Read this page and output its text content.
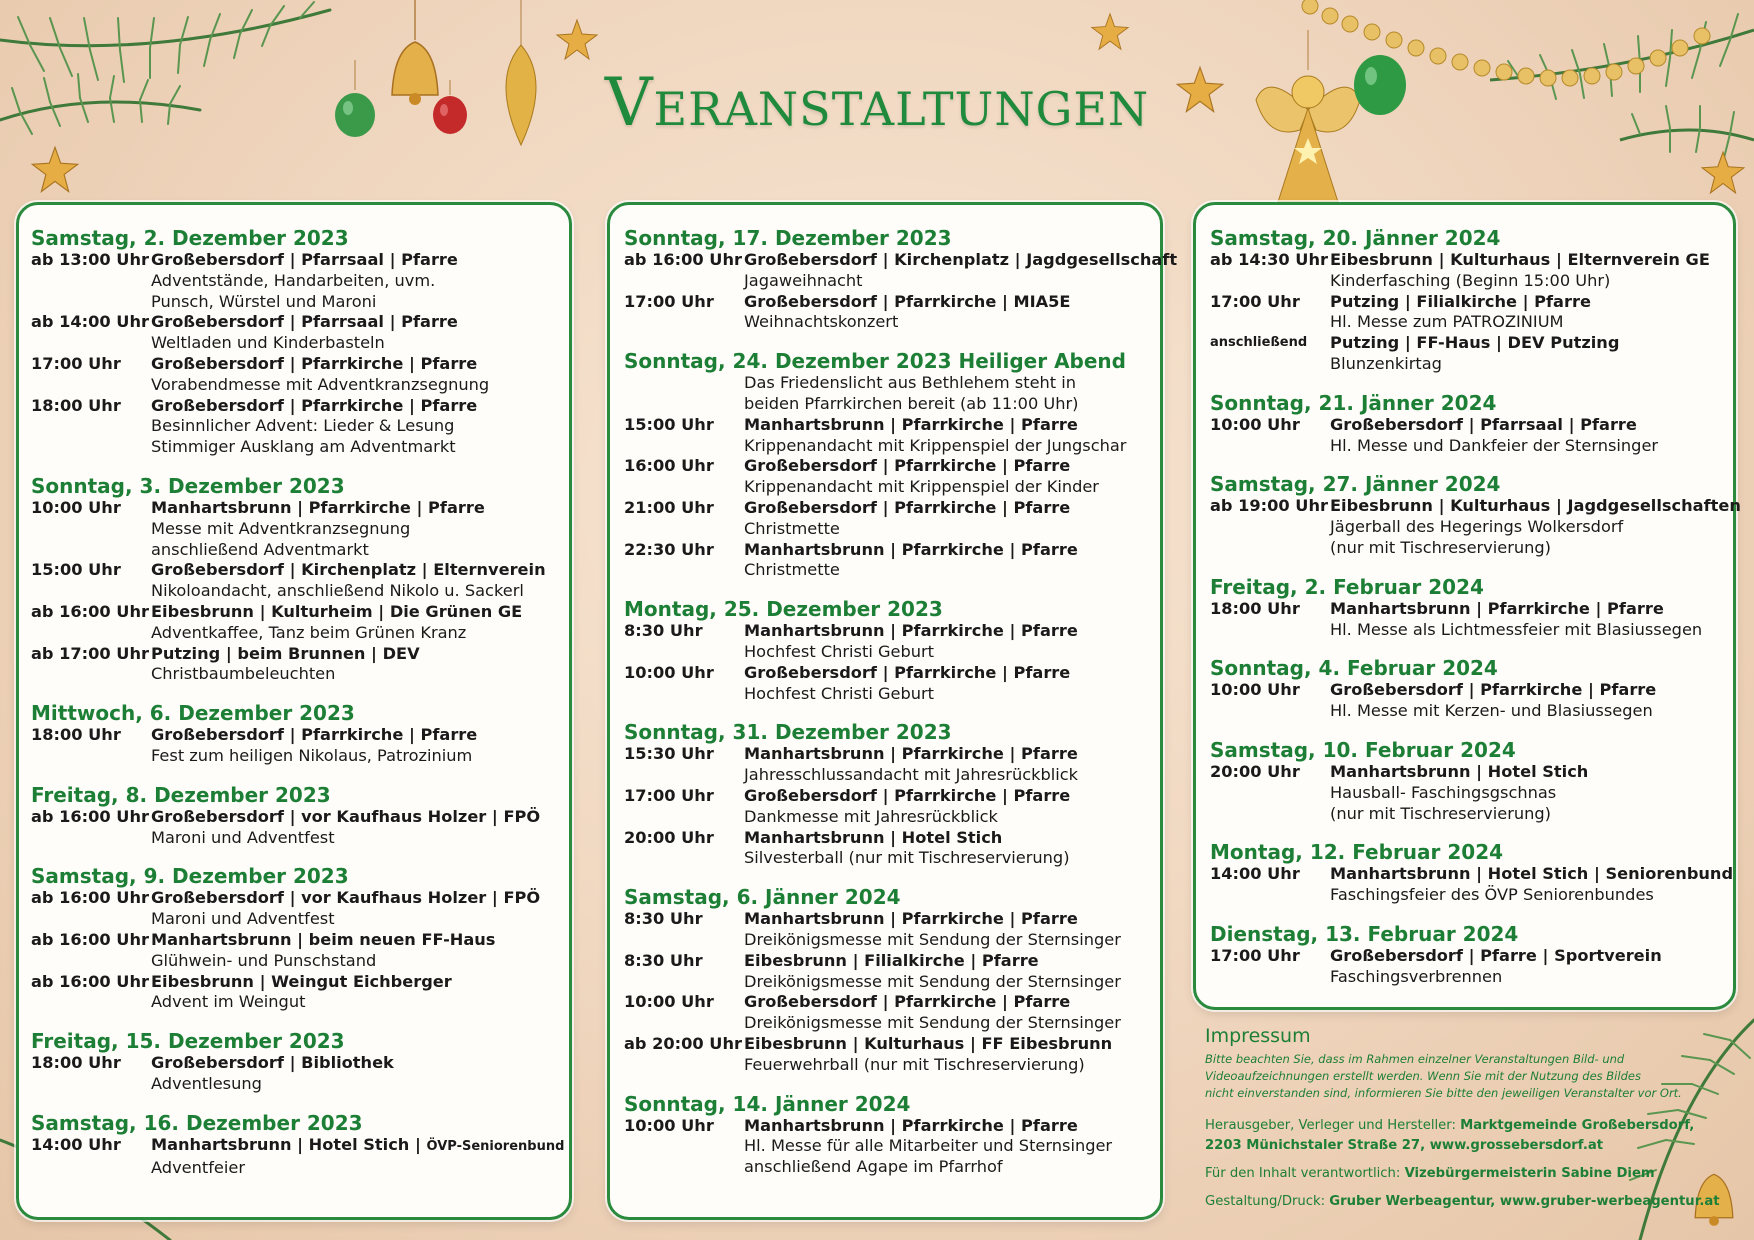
Veranstaltungen
Samstag, 2. Dezember 2023
ab 13:00 Uhr Großebersdorf | Pfarrsaal | Pfarre
Adventstände, Handarbeiten, uvm.
Punsch, Würstel und Maroni
ab 14:00 Uhr Großebersdorf | Pfarrsaal | Pfarre
Weltladen und Kinderbasteln
17:00 Uhr	Großebersdorf | Pfarrkirche | Pfarre
Vorabendmesse mit Adventkranzsegnung
18:00 Uhr	Großebersdorf | Pfarrkirche | Pfarre
Besinnlicher Advent: Lieder & Lesung
Stimmiger Ausklang am Adventmarkt
Sonntag, 3. Dezember 2023
10:00 Uhr	Manhartsbrunn | Pfarrkirche | Pfarre
Messe mit Adventkranzsegnung
anschließend Adventmarkt
15:00 Uhr	Großebersdorf | Kirchenplatz | Elternverein
Nikoloandacht, anschließend Nikolo u. Sackerl
ab 16:00 Uhr Eibesbrunn | Kulturheim | Die Grünen GE
Adventkaffee, Tanz beim Grünen Kranz
ab 17:00 Uhr Putzing | beim Brunnen | DEV
Christbaumbeleuchten
Mittwoch, 6. Dezember 2023
18:00 Uhr	Großebersdorf | Pfarrkirche | Pfarre
Fest zum heiligen Nikolaus, Patrozinium
Freitag, 8. Dezember 2023
ab 16:00 Uhr Großebersdorf | vor Kaufhaus Holzer | FPÖ
Maroni und Adventfest
Samstag, 9. Dezember 2023
ab 16:00 Uhr Großebersdorf | vor Kaufhaus Holzer | FPÖ
Maroni und Adventfest
ab 16:00 Uhr Manhartsbrunn | beim neuen FF-Haus
Glühwein- und Punschstand
ab 16:00 Uhr Eibesbrunn | Weingut Eichberger
Advent im Weingut
Freitag, 15. Dezember 2023
18:00 Uhr	Großebersdorf | Bibliothek
Adventlesung
Samstag, 16. Dezember 2023
14:00 Uhr	Manhartsbrunn | Hotel Stich | ÖVP-Seniorenbund
Adventfeier
Sonntag, 17. Dezember 2023
ab 16:00 Uhr Großebersdorf | Kirchenplatz | Jagdgesellschaft
Jagaweihnacht
17:00 Uhr	Großebersdorf | Pfarrkirche | MIA5E
Weihnachtskonzert
Sonntag, 24. Dezember 2023 Heiliger Abend
Das Friedenslicht aus Bethlehem steht in
beiden Pfarrkirchen bereit (ab 11:00 Uhr)
15:00 Uhr	Manhartsbrunn | Pfarrkirche | Pfarre
Krippenandacht mit Krippenspiel der Jungschar
16:00 Uhr	Großebersdorf | Pfarrkirche | Pfarre
Krippenandacht mit Krippenspiel der Kinder
21:00 Uhr	Großebersdorf | Pfarrkirche | Pfarre
Christmette
22:30 Uhr	Manhartsbrunn | Pfarrkirche | Pfarre
Christmette
Montag, 25. Dezember 2023
8:30 Uhr	Manhartsbrunn | Pfarrkirche | Pfarre
Hochfest Christi Geburt
10:00 Uhr	Großebersdorf | Pfarrkirche | Pfarre
Hochfest Christi Geburt
Sonntag, 31. Dezember 2023
15:30 Uhr	Manhartsbrunn | Pfarrkirche | Pfarre
Jahresschlussandacht mit Jahresrückblick
17:00 Uhr	Großebersdorf | Pfarrkirche | Pfarre
Dankmesse mit Jahresrückblick
20:00 Uhr	Manhartsbrunn | Hotel Stich
Silvesterball (nur mit Tischreservierung)
Samstag, 6. Jänner 2024
8:30 Uhr	Manhartsbrunn | Pfarrkirche | Pfarre
Dreikönigsmesse mit Sendung der Sternsinger
8:30 Uhr	Eibesbrunn | Filialkirche | Pfarre
Dreikönigsmesse mit Sendung der Sternsinger
10:00 Uhr	Großebersdorf | Pfarrkirche | Pfarre
Dreikönigsmesse mit Sendung der Sternsinger
ab 20:00 Uhr Eibesbrunn | Kulturhaus | FF Eibesbrunn
Feuerwehrball (nur mit Tischreservierung)
Sonntag, 14. Jänner 2024
10:00 Uhr	Manhartsbrunn | Pfarrkirche | Pfarre
Hl. Messe für alle Mitarbeiter und Sternsinger
anschließend Agape im Pfarrhof
Samstag, 20. Jänner 2024
ab 14:30 Uhr Eibesbrunn | Kulturhaus | Elternverein GE
Kinderfasching (Beginn 15:00 Uhr)
17:00 Uhr	Putzing | Filialkirche | Pfarre
Hl. Messe zum PATROZINIUM
anschließend	Putzing | FF-Haus | DEV Putzing
Blunzenkirtag
Sonntag, 21. Jänner 2024
10:00 Uhr	Großebersdorf | Pfarrsaal | Pfarre
Hl. Messe und Dankfeier der Sternsinger
Samstag, 27. Jänner 2024
ab 19:00 Uhr Eibesbrunn | Kulturhaus | Jagdgesellschaften
Jägerball des Hegerings Wolkersdorf
(nur mit Tischreservierung)
Freitag, 2. Februar 2024
18:00 Uhr	Manhartsbrunn | Pfarrkirche | Pfarre
Hl. Messe als Lichtmessfeier mit Blasiussegen
Sonntag, 4. Februar 2024
10:00 Uhr	Großebersdorf | Pfarrkirche | Pfarre
Hl. Messe mit Kerzen- und Blasiussegen
Samstag, 10. Februar 2024
20:00 Uhr	Manhartsbrunn | Hotel Stich
Hausball- Faschingsgschnas
(nur mit Tischreservierung)
Montag, 12. Februar 2024
14:00 Uhr	Manhartsbrunn | Hotel Stich | Seniorenbund
Faschingsfeier des ÖVP Seniorenbundes
Dienstag, 13. Februar 2024
17:00 Uhr	Großebersdorf | Pfarre | Sportverein
Faschingsverbrennen
Impressum
Bitte beachten Sie, dass im Rahmen einzelner Veranstaltungen Bild- und
Videoaufzeichnungen erstellt werden. Wenn Sie mit der Nutzung des Bildes
nicht einverstanden sind, informieren Sie bitte den jeweiligen Veranstalter vor Ort.
Herausgeber, Verleger und Hersteller: Marktgemeinde Großebersdorf,
2203 Münichstaler Straße 27, www.grossebersdorf.at
Für den Inhalt verantwortlich: Vizebürgermeisterin Sabine Diem
Gestaltung/Druck: Gruber Werbeagentur, www.gruber-werbeagentur.at
